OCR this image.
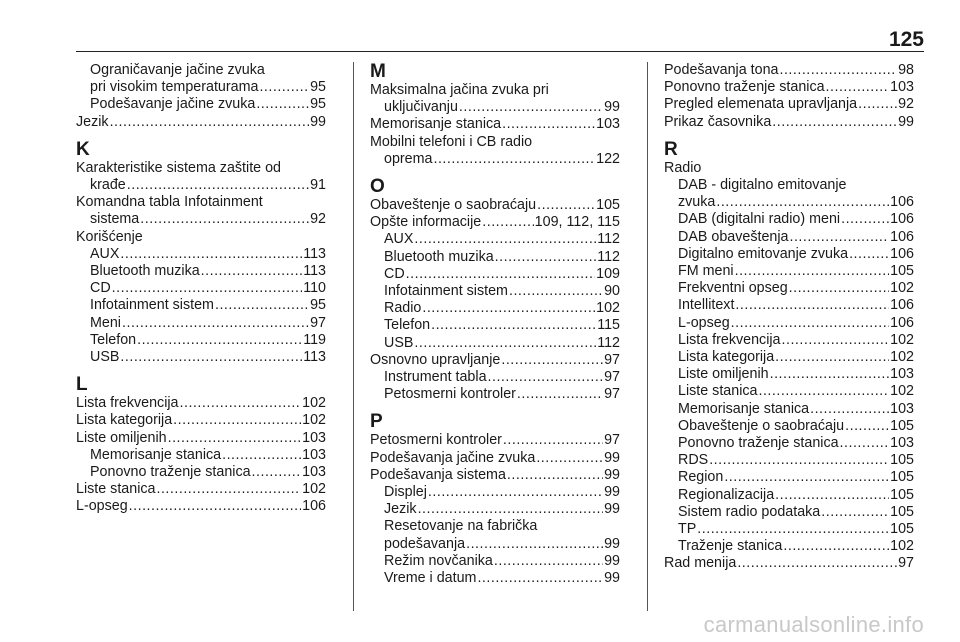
125
Ograničavanje jačine zvuka
pri visokim temperaturama .....	95
Podešavanje jačine zvuka .....	95
Jezik .....	99
K
Karakteristike sistema zaštite od
krađe .....	91
Komandna tabla Infotainment
sistema .....	92
Korišćenje
AUX .....	113
Bluetooth muzika .....	113
CD .....	110
Infotainment sistem .....	95
Meni .....	97
Telefon .....	119
USB .....	113
L
Lista frekvencija .....	102
Lista kategorija .....	102
Liste omiljenih .....	103
Memorisanje stanica .....	103
Ponovno traženje stanica .....	103
Liste stanica .....	102
L-opseg .....	106
M
Maksimalna jačina zvuka pri
uključivanju .....	99
Memorisanje stanica .....	103
Mobilni telefoni i CB radio
oprema .....	122
O
Obaveštenje o saobraćaju .....	105
Opšte informacije .....	109, 112, 115
AUX .....	112
Bluetooth muzika .....	112
CD .....	109
Infotainment sistem .....	90
Radio .....	102
Telefon .....	115
USB .....	112
Osnovno upravljanje .....	97
Instrument tabla .....	97
Petosmerni kontroler .....	97
P
Petosmerni kontroler .....	97
Podešavanja jačine zvuka .....	99
Podešavanja sistema .....	99
Displej .....	99
Jezik .....	99
Resetovanje na fabrička
podešavanja .....	99
Režim novčanika .....	99
Vreme i datum .....	99
Podešavanja tona .....	98
Ponovno traženje stanica .....	103
Pregled elemenata upravljanja .....	92
Prikaz časovnika .....	99
R
Radio
DAB - digitalno emitovanje
zvuka .....	106
DAB (digitalni radio) meni .....	106
DAB obaveštenja .....	106
Digitalno emitovanje zvuka .....	106
FM meni .....	105
Frekventni opseg .....	102
Intellitext .....	106
L-opseg .....	106
Lista frekvencija .....	102
Lista kategorija .....	102
Liste omiljenih .....	103
Liste stanica .....	102
Memorisanje stanica .....	103
Obaveštenje o saobraćaju .....	105
Ponovno traženje stanica .....	103
RDS .....	105
Region .....	105
Regionalizacija .....	105
Sistem radio podataka .....	105
TP .....	105
Traženje stanica .....	102
Rad menija .....	97
carmanualsonline.info
